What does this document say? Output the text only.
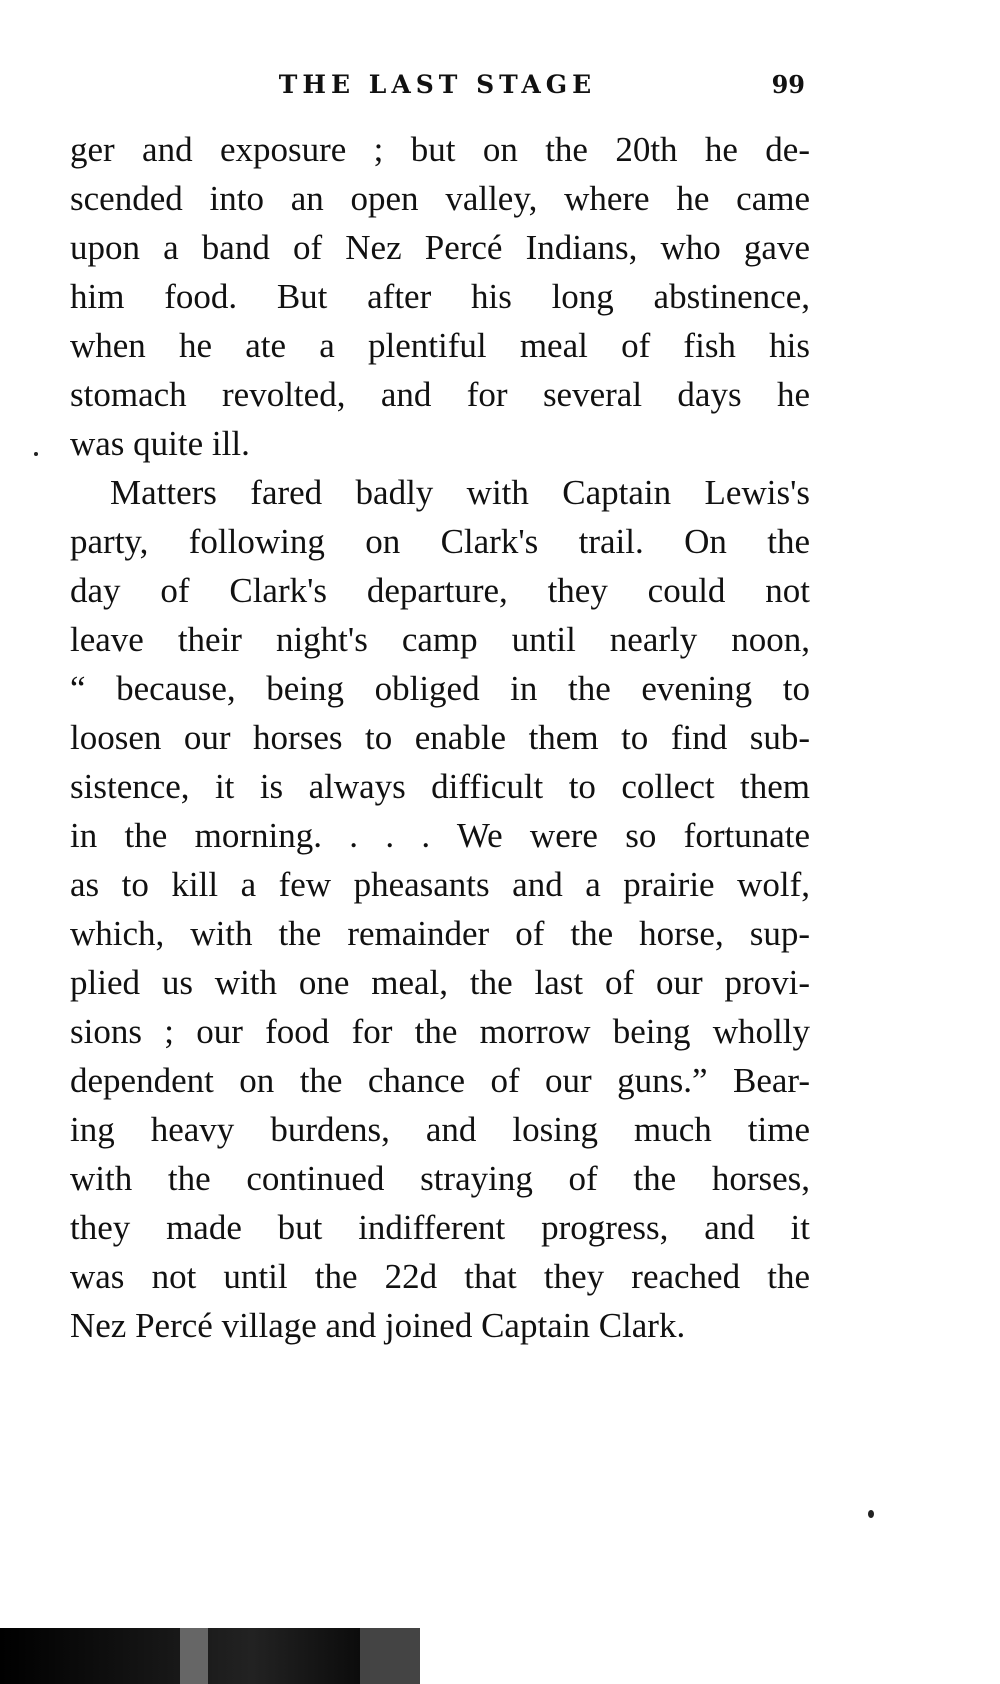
THE LAST STAGE	99
ger and exposure ; but on the 20th he de-
scended into an open valley, where he came
upon a band of Nez Percé Indians, who gave
him food. But after his long abstinence,
when he ate a plentiful meal of fish his
stomach revolted, and for several days he
was quite ill.
Matters fared badly with Captain Lewis's
party, following on Clark's trail. On the
day of Clark's departure, they could not
leave their night's camp until nearly noon,
“ because, being obliged in the evening to
loosen our horses to enable them to find sub-
sistence, it is always difficult to collect them
in the morning. . . . We were so fortunate
as to kill a few pheasants and a prairie wolf,
which, with the remainder of the horse, sup-
plied us with one meal, the last of our provi-
sions ; our food for the morrow being wholly
dependent on the chance of our guns.” Bear-
ing heavy burdens, and losing much time
with the continued straying of the horses,
they made but indifferent progress, and it
was not until the 22d that they reached the
Nez Percé village and joined Captain Clark.
